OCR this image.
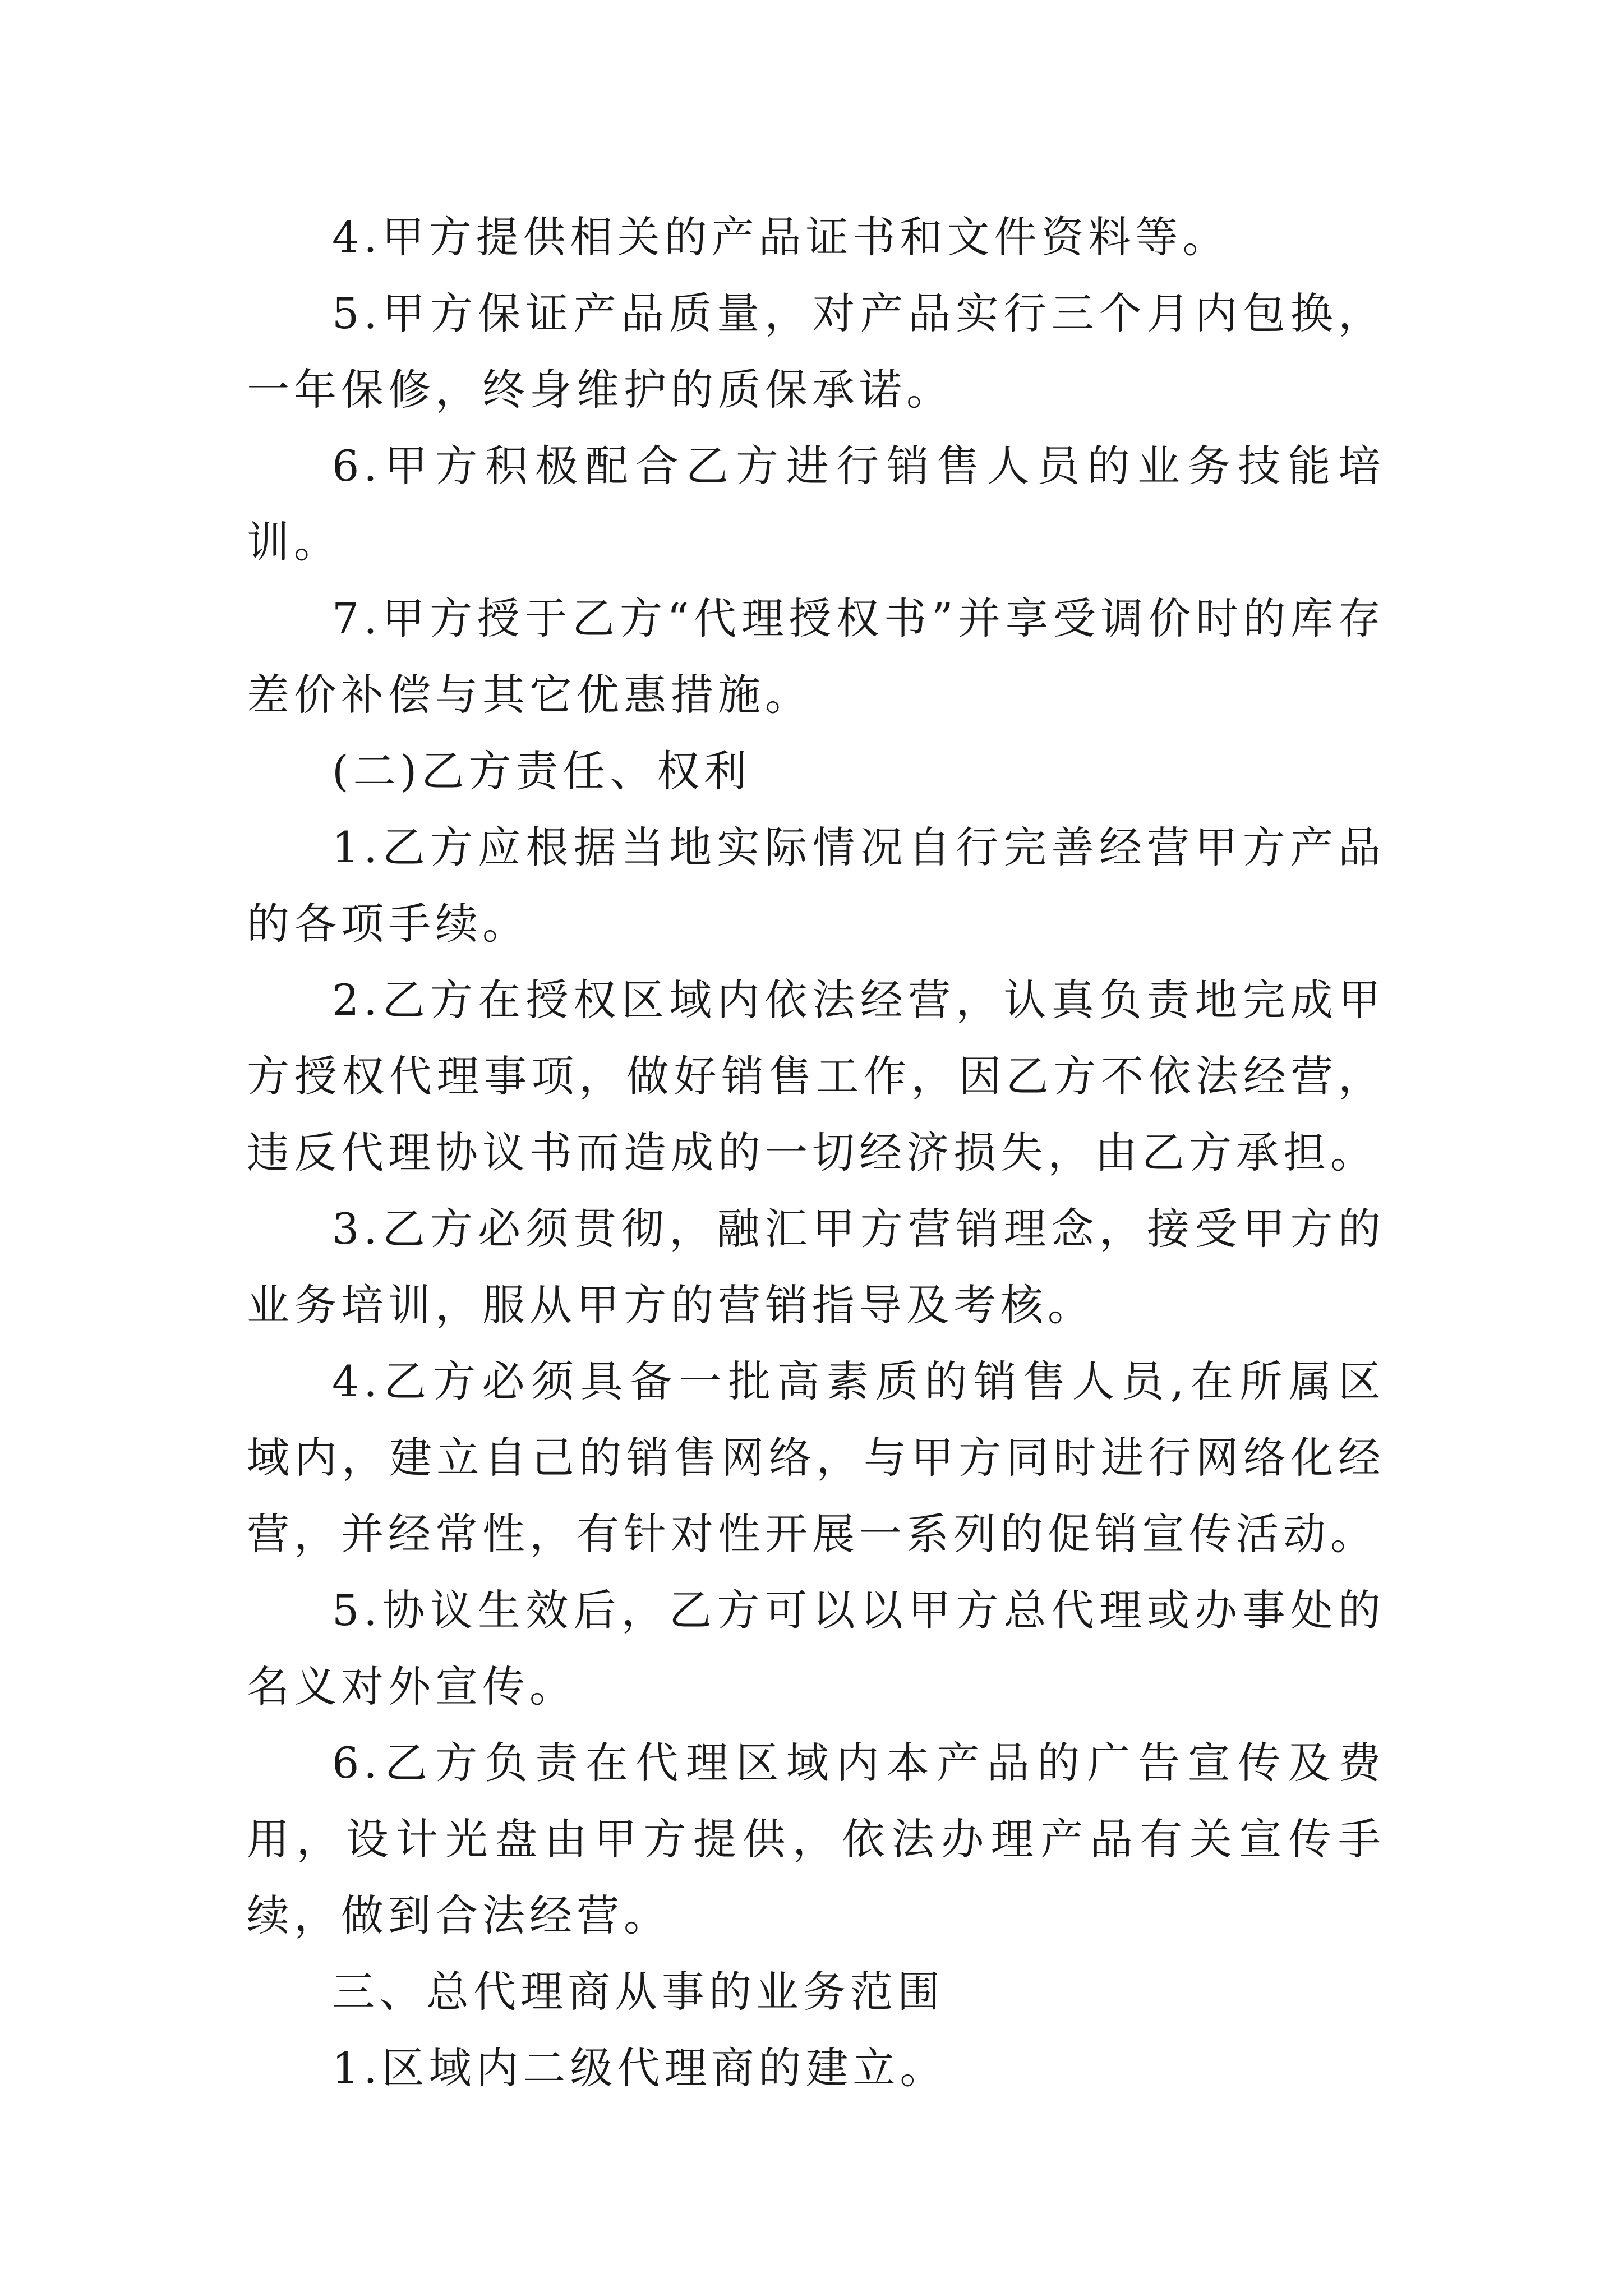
4.甲方提供相关的产品证书和文件资料等。

5.甲方保证产品质量，对产品实行三个月内包换，一年保修，终身维护的质保承诺。

6.甲方积极配合乙方进行销售人员的业务技能培训。

7.甲方授于乙方“代理授权书”并享受调价时的库存差价补偿与其它优惠措施。

(二)乙方责任、权利

1.乙方应根据当地实际情况自行完善经营甲方产品的各项手续。

2.乙方在授权区域内依法经营，认真负责地完成甲方授权代理事项，做好销售工作，因乙方不依法经营，违反代理协议书而造成的一切经济损失，由乙方承担。

3.乙方必须贯彻，融汇甲方营销理念，接受甲方的业务培训，服从甲方的营销指导及考核。

4.乙方必须具备一批高素质的销售人员,在所属区域内，建立自己的销售网络，与甲方同时进行网络化经营，并经常性，有针对性开展一系列的促销宣传活动。

5.协议生效后，乙方可以以甲方总代理或办事处的名义对外宣传。

6.乙方负责在代理区域内本产品的广告宣传及费用，设计光盘由甲方提供，依法办理产品有关宣传手续，做到合法经营。

三、总代理商从事的业务范围

1.区域内二级代理商的建立。
